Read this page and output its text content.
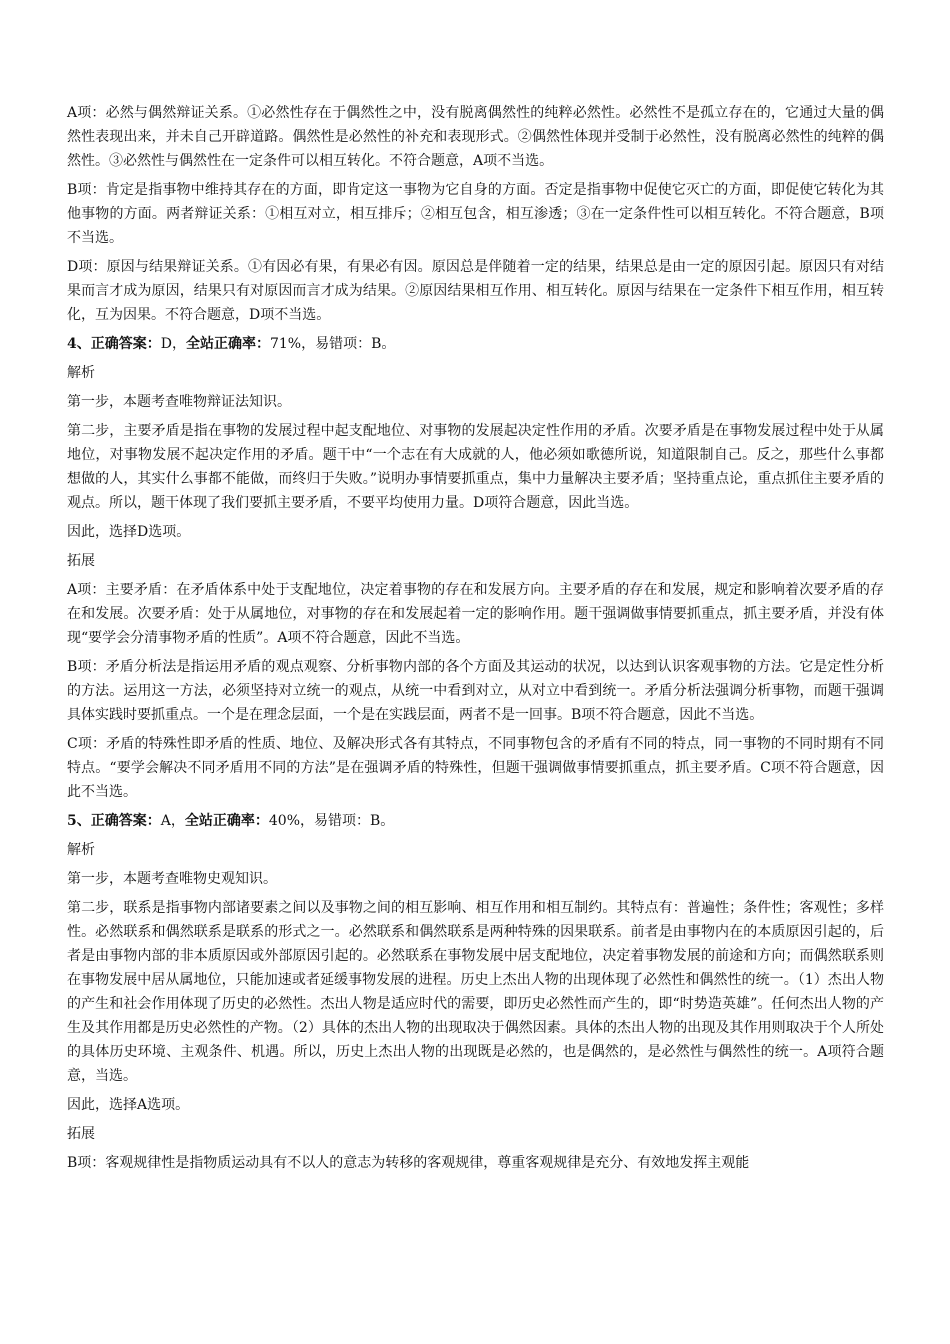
A项：必然与偶然辩证关系。①必然性存在于偶然性之中，没有脱离偶然性的纯粹必然性。必然性不是孤立存在的，它通过大量的偶然性表现出来，并未自己开辟道路。偶然性是必然性的补充和表现形式。②偶然性体现并受制于必然性，没有脱离必然性的纯粹的偶然性。③必然性与偶然性在一定条件可以相互转化。不符合题意，A项不当选。

B项：肯定是指事物中维持其存在的方面，即肯定这一事物为它自身的方面。否定是指事物中促使它灭亡的方面，即促使它转化为其他事物的方面。两者辩证关系：①相互对立，相互排斥；②相互包含，相互渗透；③在一定条件性可以相互转化。不符合题意，B项不当选。

D项：原因与结果辩证关系。①有因必有果，有果必有因。原因总是伴随着一定的结果，结果总是由一定的原因引起。原因只有对结果而言才成为原因，结果只有对原因而言才成为结果。②原因结果相互作用、相互转化。原因与结果在一定条件下相互作用，相互转化，互为因果。不符合题意，D项不当选。

4、正确答案：D，全站正确率：71%，易错项：B。

解析

第一步，本题考查唯物辩证法知识。

第二步，主要矛盾是指在事物的发展过程中起支配地位、对事物的发展起决定性作用的矛盾。次要矛盾是在事物发展过程中处于从属地位，对事物发展不起决定作用的矛盾。题干中“一个志在有大成就的人，他必须如歌德所说，知道限制自己。反之，那些什么事都想做的人，其实什么事都不能做，而终归于失败。”说明办事情要抓重点，集中力量解决主要矛盾；坚持重点论，重点抓住主要矛盾的观点。所以，题干体现了我们要抓主要矛盾，不要平均使用力量。D项符合题意，因此当选。

因此，选择D选项。

拓展

A项：主要矛盾：在矛盾体系中处于支配地位，决定着事物的存在和发展方向。主要矛盾的存在和发展，规定和影响着次要矛盾的存在和发展。次要矛盾：处于从属地位，对事物的存在和发展起着一定的影响作用。题干强调做事情要抓重点，抓主要矛盾，并没有体现“要学会分清事物矛盾的性质”。A项不符合题意，因此不当选。

B项：矛盾分析法是指运用矛盾的观点观察、分析事物内部的各个方面及其运动的状况，以达到认识客观事物的方法。它是定性分析的方法。运用这一方法，必须坚持对立统一的观点，从统一中看到对立，从对立中看到统一。矛盾分析法强调分析事物，而题干强调具体实践时要抓重点。一个是在理念层面，一个是在实践层面，两者不是一回事。B项不符合题意，因此不当选。

C项：矛盾的特殊性即矛盾的性质、地位、及解决形式各有其特点，不同事物包含的矛盾有不同的特点，同一事物的不同时期有不同特点。“要学会解决不同矛盾用不同的方法”是在强调矛盾的特殊性，但题干强调做事情要抓重点，抓主要矛盾。C项不符合题意，因此不当选。

5、正确答案：A，全站正确率：40%，易错项：B。

解析

第一步，本题考查唯物史观知识。

第二步，联系是指事物内部诸要素之间以及事物之间的相互影响、相互作用和相互制约。其特点有：普遍性；条件性；客观性；多样性。必然联系和偶然联系是联系的形式之一。必然联系和偶然联系是两种特殊的因果联系。前者是由事物内在的本质原因引起的，后者是由事物内部的非本质原因或外部原因引起的。必然联系在事物发展中居支配地位，决定着事物发展的前途和方向；而偶然联系则在事物发展中居从属地位，只能加速或者延缓事物发展的进程。历史上杰出人物的出现体现了必然性和偶然性的统一。（1）杰出人物的产生和社会作用体现了历史的必然性。杰出人物是适应时代的需要，即历史必然性而产生的，即“时势造英雄”。任何杰出人物的产生及其作用都是历史必然性的产物。（2）具体的杰出人物的出现取决于偶然因素。具体的杰出人物的出现及其作用则取决于个人所处的具体历史环境、主观条件、机遇。所以，历史上杰出人物的出现既是必然的，也是偶然的，是必然性与偶然性的统一。A项符合题意，当选。

因此，选择A选项。

拓展

B项：客观规律性是指物质运动具有不以人的意志为转移的客观规律，尊重客观规律是充分、有效地发挥主观能
